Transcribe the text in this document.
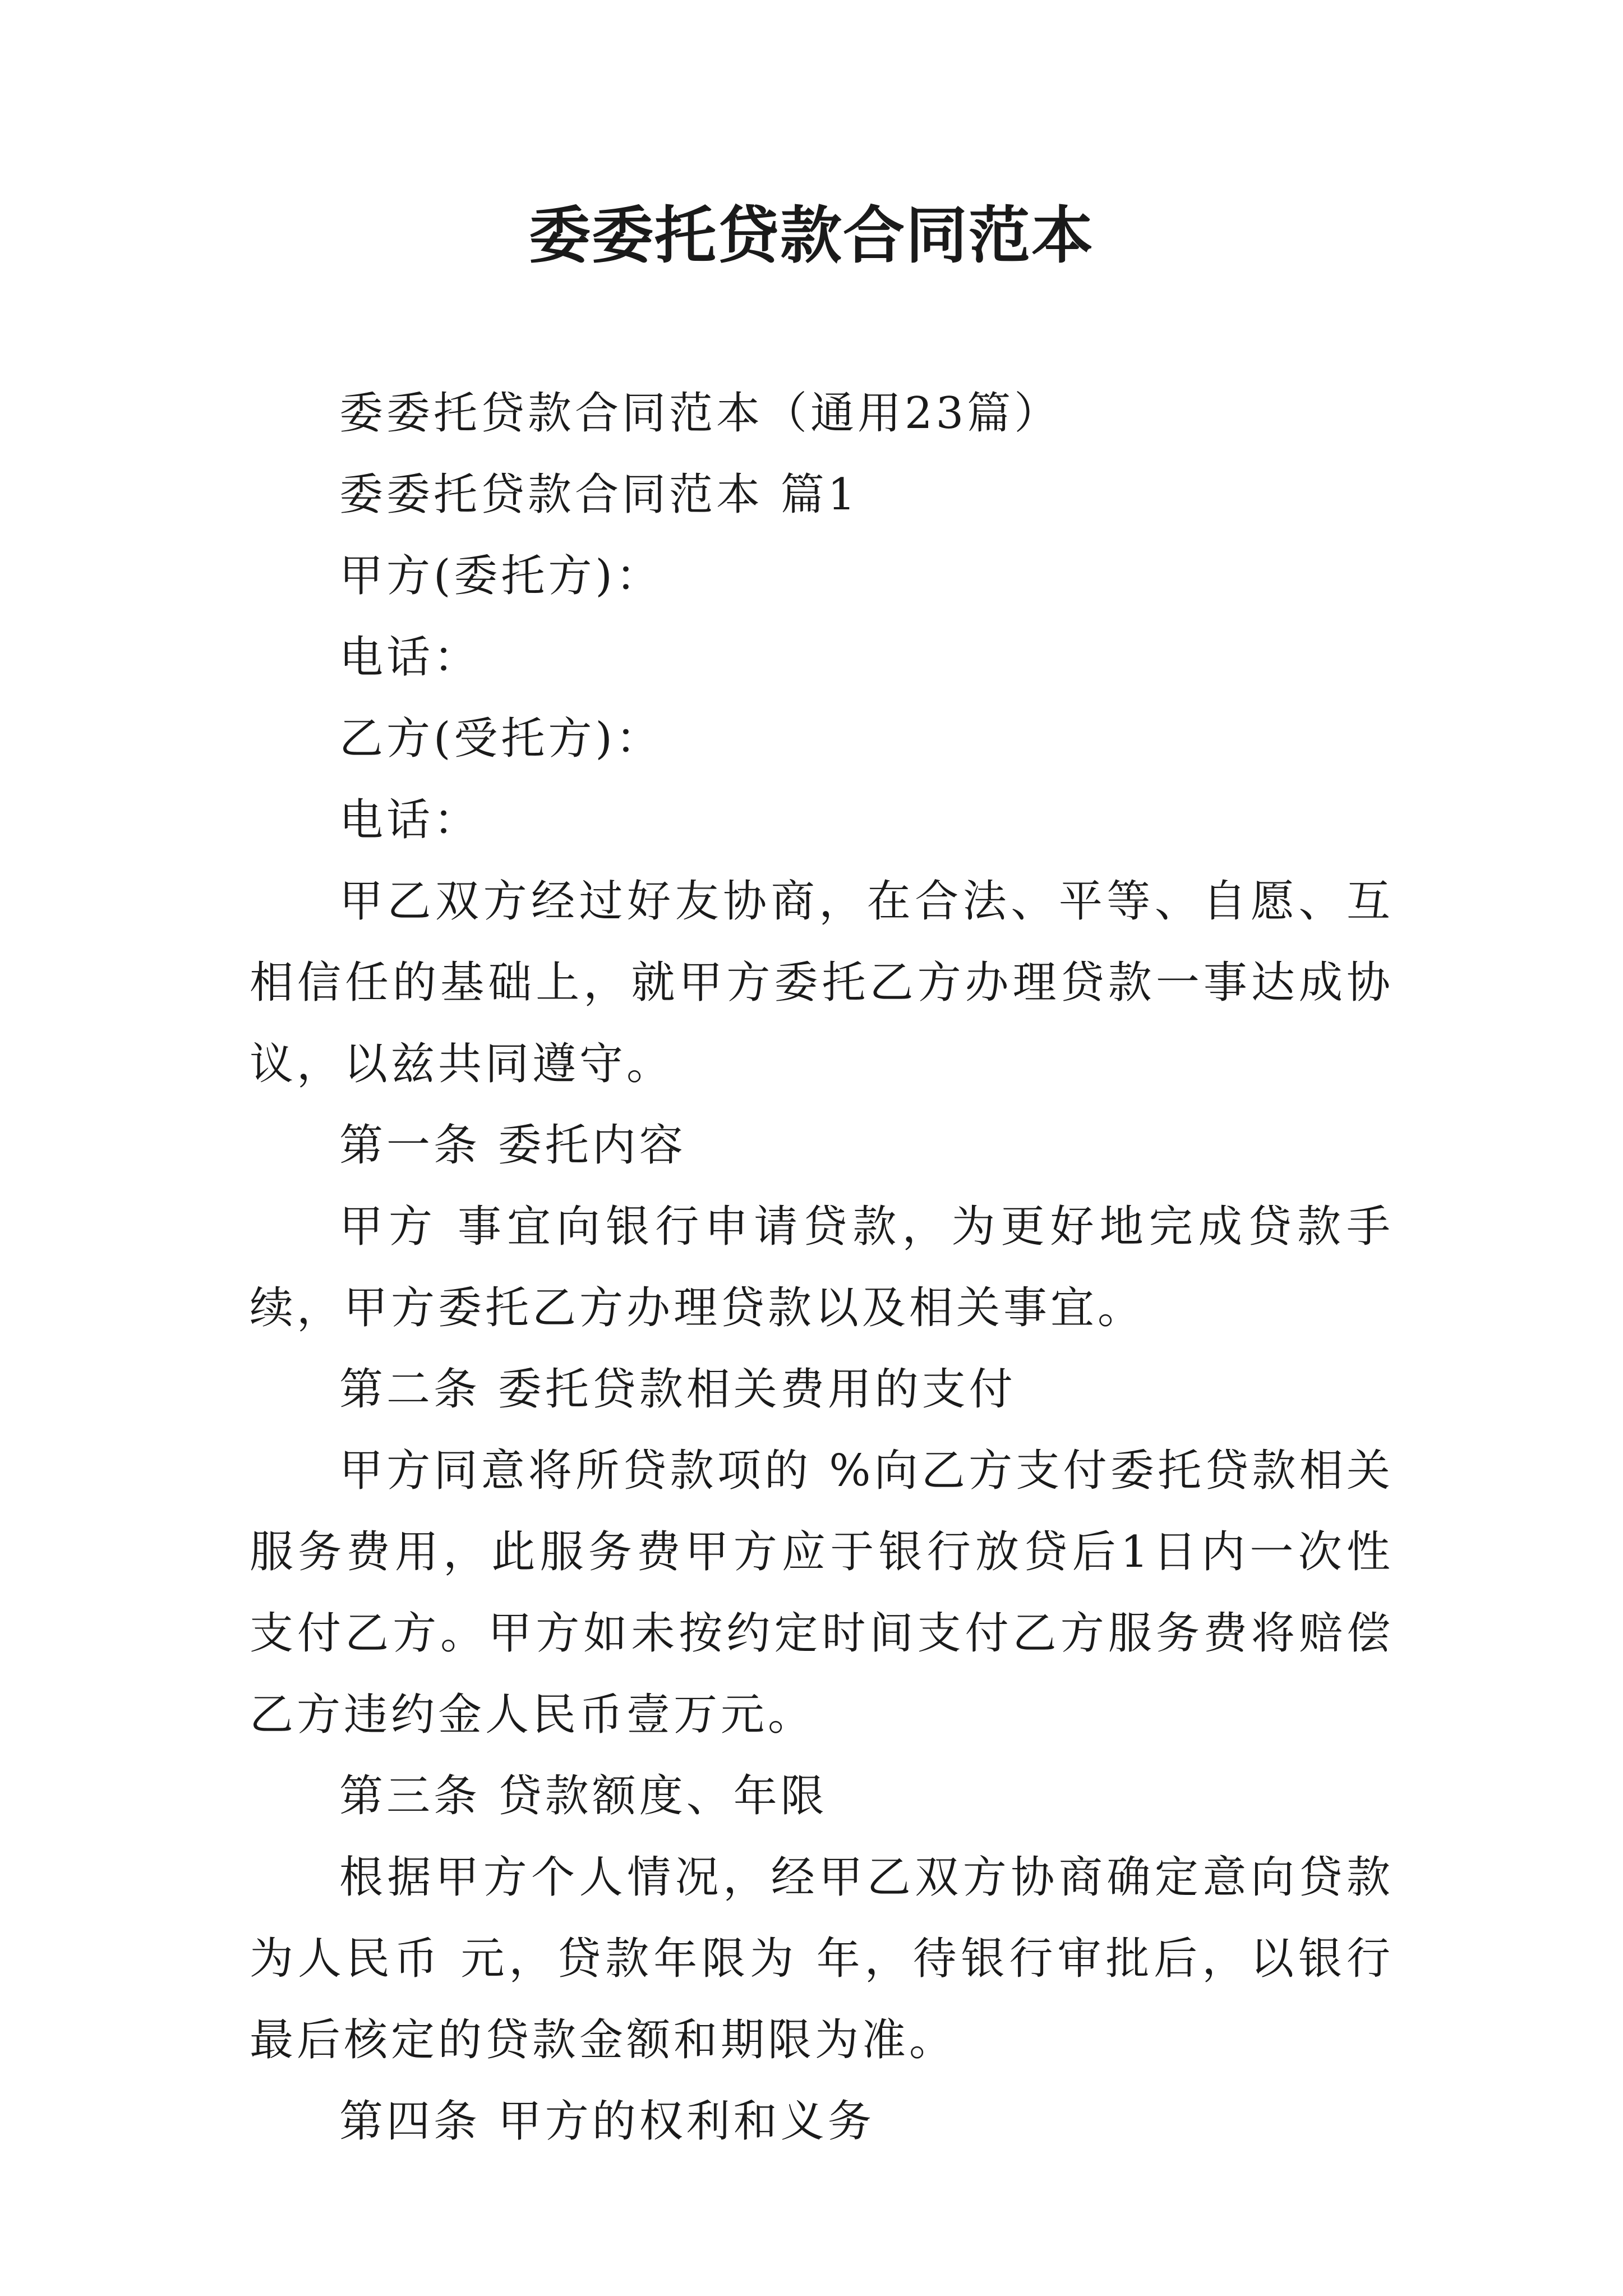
委委托贷款合同范本

委委托贷款合同范本（通用23篇）

委委托贷款合同范本 篇1

甲方(委托方)：

电话：

乙方(受托方)：

电话：

甲乙双方经过好友协商，在合法、平等、自愿、互相信任的基础上，就甲方委托乙方办理贷款一事达成协议，以兹共同遵守。

第一条 委托内容

甲方 事宜向银行申请贷款，为更好地完成贷款手续，甲方委托乙方办理贷款以及相关事宜。

第二条 委托贷款相关费用的支付

甲方同意将所贷款项的 %向乙方支付委托贷款相关服务费用，此服务费甲方应于银行放贷后1日内一次性支付乙方。甲方如未按约定时间支付乙方服务费将赔偿乙方违约金人民币壹万元。

第三条 贷款额度、年限

根据甲方个人情况，经甲乙双方协商确定意向贷款为人民币 元，贷款年限为 年，待银行审批后，以银行最后核定的贷款金额和期限为准。

第四条 甲方的权利和义务
